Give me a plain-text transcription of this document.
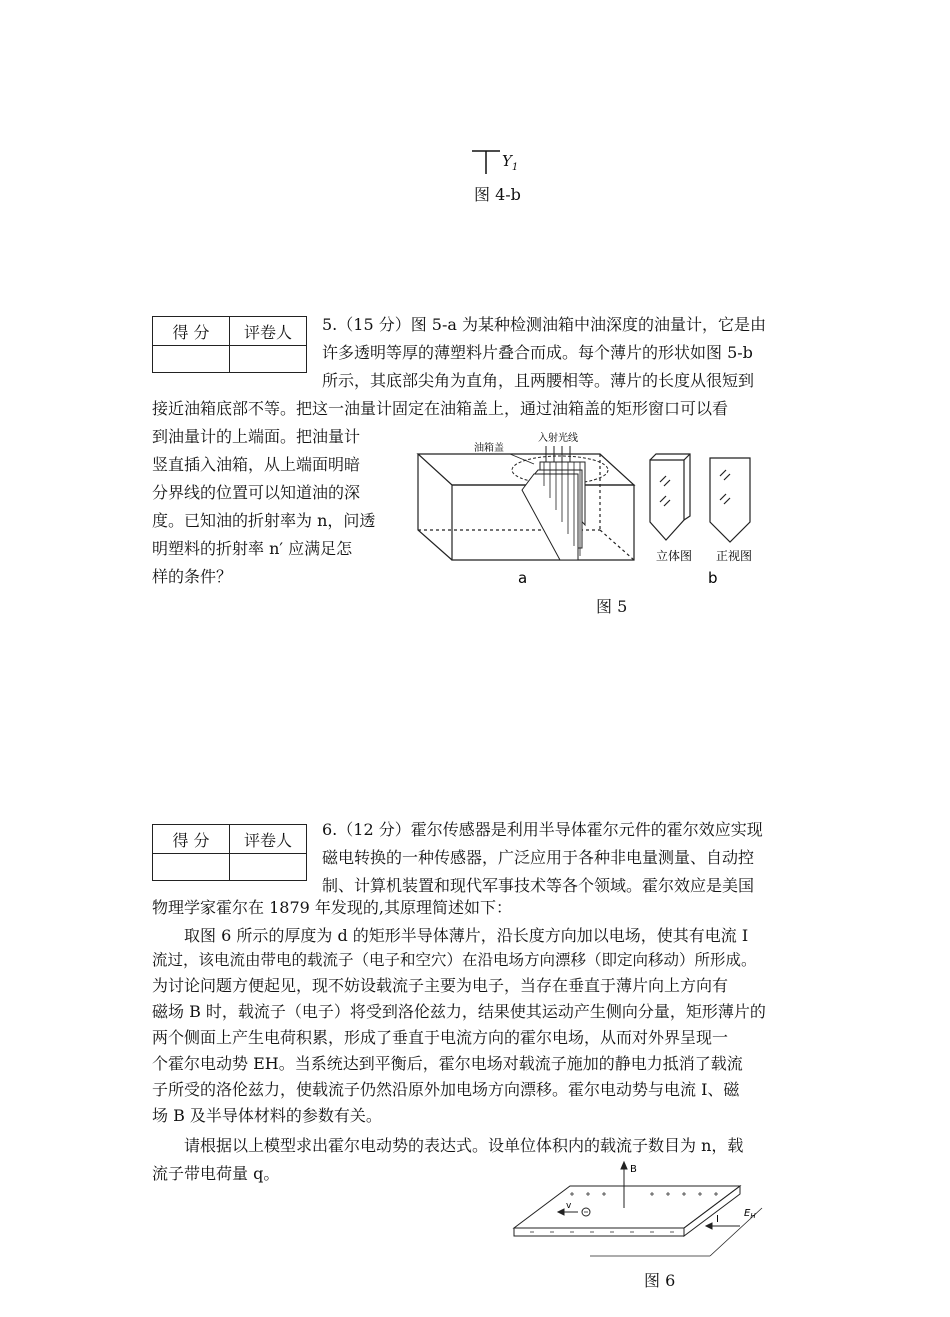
$Y_1$
图 4-b
得 分	评卷人
	5.（15 分）图 5-a 为某种检测油箱中油深度的油量计，它是由
许多透明等厚的薄塑料片叠合而成。每个薄片的形状如图 5-b
所示，其底部尖角为直角，且两腰相等。薄片的长度从很短到
接近油箱底部不等。把这一油量计固定在油箱盖上，通过油箱盖的矩形窗口可以看
到油量计的上端面。把油量计
竖直插入油箱，从上端面明暗
分界线的位置可以知道油的深
度。已知油的折射率为 n，问透
明塑料的折射率 n′ 应满足怎
样的条件？
油箱盖
入射光线
a
立体图 正视图
b
图 5
得 分	评卷人

6.（12 分）霍尔传感器是利用半导体霍尔元件的霍尔效应实现
磁电转换的一种传感器，广泛应用于各种非电量测量、自动控
制、计算机装置和现代军事技术等各个领域。霍尔效应是美国
物理学家霍尔在 1879 年发现的,其原理简述如下：
取图 6 所示的厚度为 d 的矩形半导体薄片，沿长度方向加以电场，使其有电流 I
流过，该电流由带电的载流子（电子和空穴）在沿电场方向漂移（即定向移动）所形成。
为讨论问题方便起见，现不妨设载流子主要为电子，当存在垂直于薄片向上方向有
磁场 B 时，载流子（电子）将受到洛伦兹力，结果使其运动产生侧向分量，矩形薄片的
两个侧面上产生电荷积累，形成了垂直于电流方向的霍尔电场，从而对外界呈现一
个霍尔电动势 EH。当系统达到平衡后，霍尔电场对载流子施加的静电力抵消了载流
子所受的洛伦兹力，使载流子仍然沿原外加电场方向漂移。霍尔电动势与电流 I、磁
场 B 及半导体材料的参数有关。
请根据以上模型求出霍尔电动势的表达式。设单位体积内的载流子数目为 n，载
流子带电荷量 q。	B
v
I
$E_H$
图 6
